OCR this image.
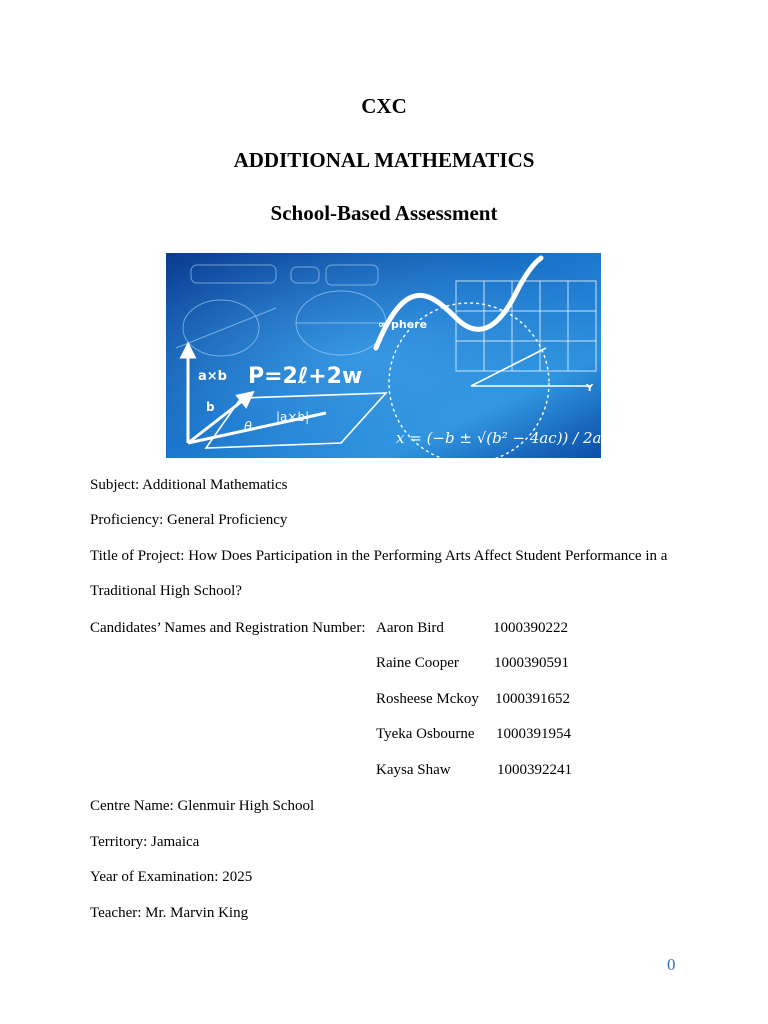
CXC
ADDITIONAL MATHEMATICS
School-Based Assessment
a×b
b
θ
|a×b|
P=2ℓ+2w
∞ phere
x = (−b ± √(b² − 4ac)) / 2a
Y

Subject: Additional Mathematics

Proficiency: General Proficiency

Title of Project: How Does Participation in the Performing Arts Affect Student Performance in a

Traditional High School?

Candidates’ Names and Registration Number: Aaron Bird	1000390222
Raine Cooper 1000390591
Rosheese Mckoy 1000391652
Tyeka Osbourne 1000391954
Kaysa Shaw	1000392241

Centre Name: Glenmuir High School

Territory: Jamaica

Year of Examination: 2025

Teacher: Mr. Marvin King

0
